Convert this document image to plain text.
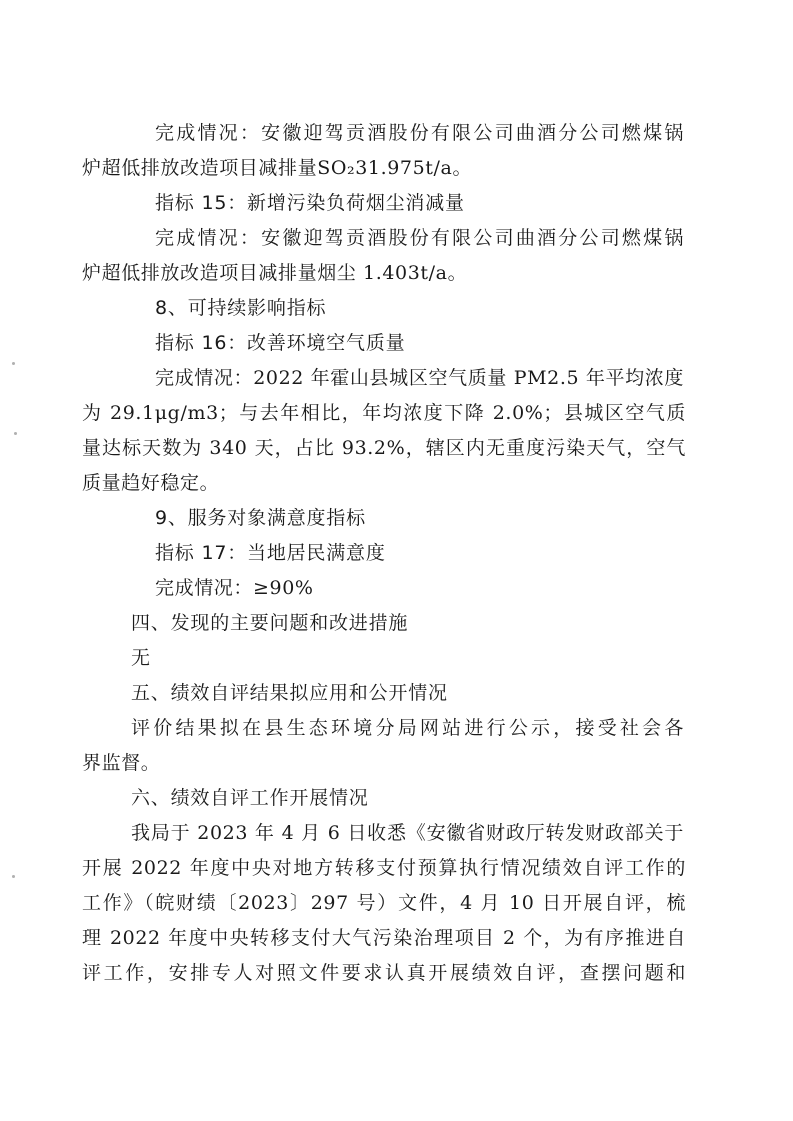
完成情况：安徽迎驾贡酒股份有限公司曲酒分公司燃煤锅
炉超低排放改造项目减排量SO₂31.975t/a。
指标 15：新增污染负荷烟尘消减量
完成情况：安徽迎驾贡酒股份有限公司曲酒分公司燃煤锅
炉超低排放改造项目减排量烟尘 1.403t/a。
8、可持续影响指标
指标 16：改善环境空气质量
完成情况：2022 年霍山县城区空气质量 PM2.5 年平均浓度
为 29.1μg/m3；与去年相比，年均浓度下降 2.0%；县城区空气质
量达标天数为 340 天，占比 93.2%，辖区内无重度污染天气，空气
质量趋好稳定。
9、服务对象满意度指标
指标 17：当地居民满意度
完成情况：≥90%
四、发现的主要问题和改进措施
无
五、绩效自评结果拟应用和公开情况
评价结果拟在县生态环境分局网站进行公示，接受社会各
界监督。
六、绩效自评工作开展情况
我局于 2023 年 4 月 6 日收悉《安徽省财政厅转发财政部关于
开展 2022 年度中央对地方转移支付预算执行情况绩效自评工作的
工作》（皖财绩〔2023〕297 号）文件，4 月 10 日开展自评，梳
理 2022 年度中央转移支付大气污染治理项目 2 个，为有序推进自
评工作，安排专人对照文件要求认真开展绩效自评，查摆问题和
